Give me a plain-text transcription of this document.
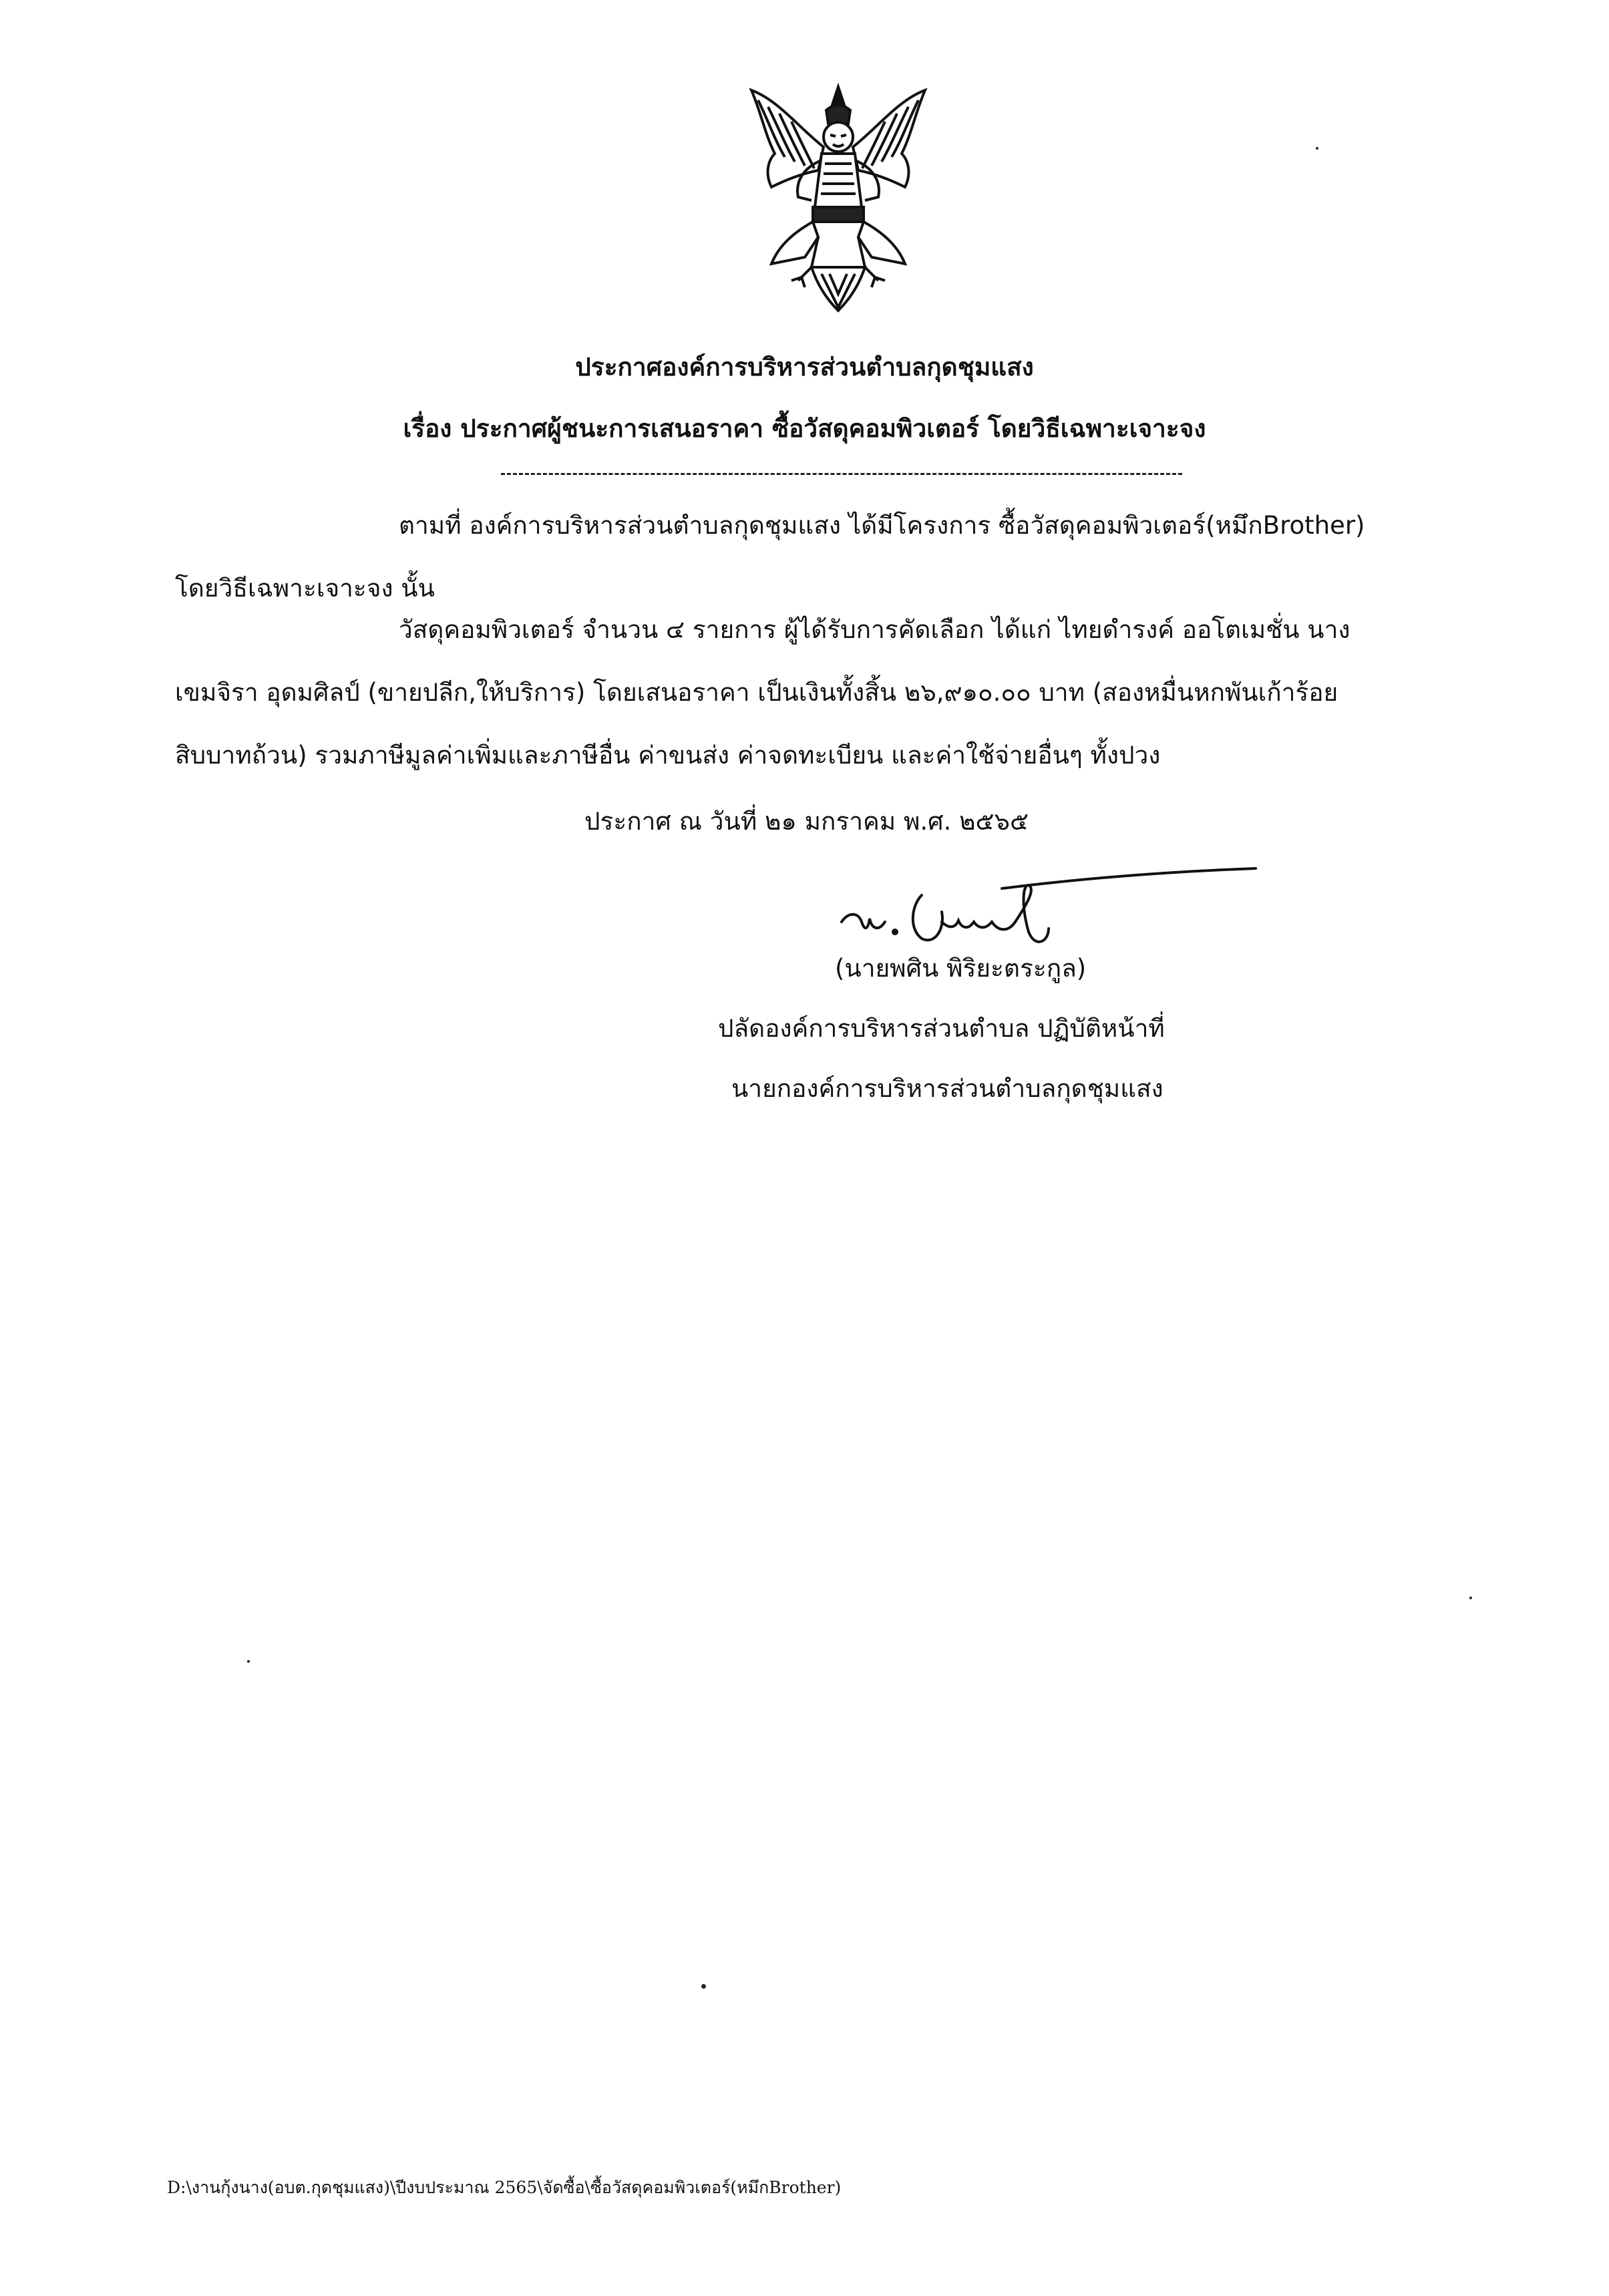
ประกาศองค์การบริหารส่วนตำบลกุดชุมแสง
เรื่อง ประกาศผู้ชนะการเสนอราคา ซื้อวัสดุคอมพิวเตอร์ โดยวิธีเฉพาะเจาะจง

ตามที่ องค์การบริหารส่วนตำบลกุดชุมแสง ได้มีโครงการ ซื้อวัสดุคอมพิวเตอร์(หมึกBrother)
โดยวิธีเฉพาะเจาะจง นั้น

วัสดุคอมพิวเตอร์ จำนวน ๔ รายการ ผู้ได้รับการคัดเลือก ได้แก่ ไทยดำรงค์ ออโตเมชั่น นาง
เขมจิรา อุดมศิลป์ (ขายปลีก,ให้บริการ) โดยเสนอราคา เป็นเงินทั้งสิ้น ๒๖,๙๑๐.๐๐ บาท (สองหมื่นหกพันเก้าร้อย
สิบบาทถ้วน) รวมภาษีมูลค่าเพิ่มและภาษีอื่น ค่าขนส่ง ค่าจดทะเบียน และค่าใช้จ่ายอื่นๆ ทั้งปวง

ประกาศ ณ วันที่ ๒๑ มกราคม พ.ศ. ๒๕๖๕
(นายพศิน พิริยะตระกูล)
ปลัดองค์การบริหารส่วนตำบล ปฏิบัติหน้าที่
นายกองค์การบริหารส่วนตำบลกุดชุมแสง
D:\งานกุ้งนาง(อบต.กุดชุมแสง)\ปีงบประมาณ 2565\จัดซื้อ\ซื้อวัสดุคอมพิวเตอร์(หมึกBrother)
